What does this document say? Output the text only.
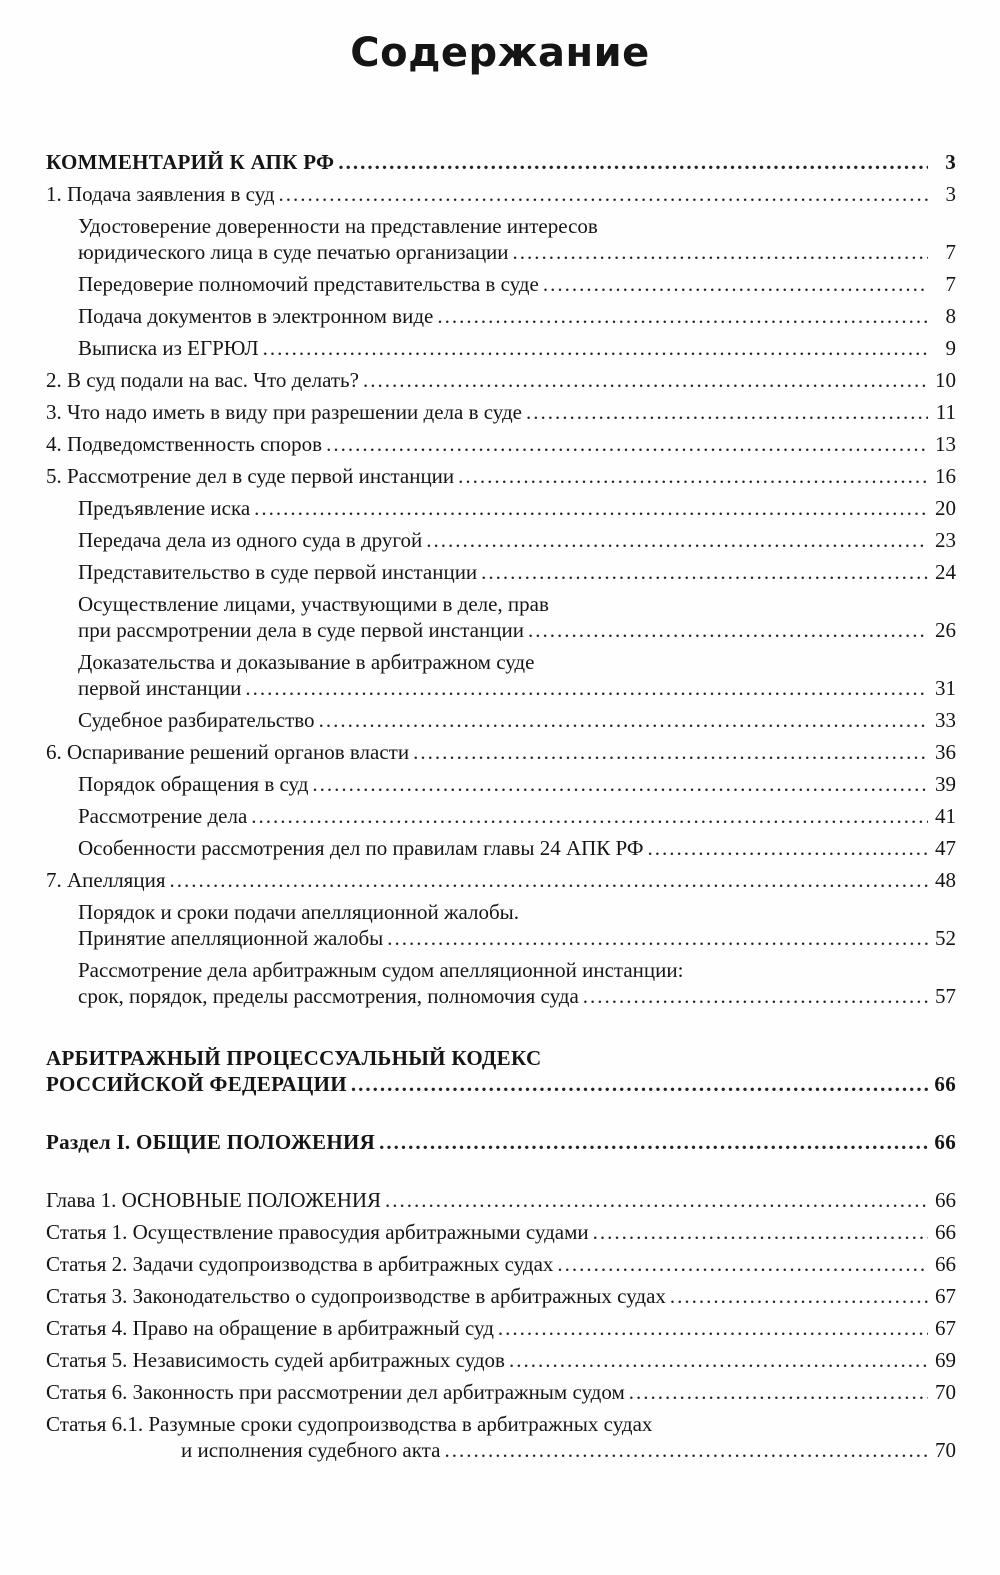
Содержание
КОММЕНТАРИЙ К АПК РФ .....	3
1. Подача заявления в суд .....	3
Удостоверение доверенности на представление интересов
юридического лица в суде печатью организации .....	7
Передоверие полномочий представительства в суде .....	7
Подача документов в электронном виде .....	8
Выписка из ЕГРЮЛ .....	9
2. В суд подали на вас. Что делать? .....	10
3. Что надо иметь в виду при разрешении дела в суде .....	11
4. Подведомственность споров .....	13
5. Рассмотрение дел в суде первой инстанции .....	16
Предъявление иска .....	20
Передача дела из одного суда в другой .....	23
Представительство в суде первой инстанции .....	24
Осуществление лицами, участвующими в деле, прав
при рассмротрении дела в суде первой инстанции .....	26
Доказательства и доказывание в арбитражном суде
первой инстанции .....	31
Судебное разбирательство .....	33
6. Оспаривание решений органов власти .....	36
Порядок обращения в суд .....	39
Рассмотрение дела .....	41
Особенности рассмотрения дел по правилам главы 24 АПК РФ .....	47
7. Апелляция .....	48
Порядок и сроки подачи апелляционной жалобы.
Принятие апелляционной жалобы .....	52
Рассмотрение дела арбитражным судом апелляционной инстанции:
срок, порядок, пределы рассмотрения, полномочия суда .....	57
АРБИТРАЖНЫЙ ПРОЦЕССУАЛЬНЫЙ КОДЕКС
РОССИЙСКОЙ ФЕДЕРАЦИИ .....	66
Раздел I. ОБЩИЕ ПОЛОЖЕНИЯ .....	66
Глава 1. ОСНОВНЫЕ ПОЛОЖЕНИЯ .....	66
Статья 1. Осуществление правосудия арбитражными судами .....	66
Статья 2. Задачи судопроизводства в арбитражных судах .....	66
Статья 3. Законодательство о судопроизводстве в арбитражных судах .....	67
Статья 4. Право на обращение в арбитражный суд .....	67
Статья 5. Независимость судей арбитражных судов .....	69
Статья 6. Законность при рассмотрении дел арбитражным судом .....	70
Статья 6.1. Разумные сроки судопроизводства в арбитражных судах
и исполнения судебного акта .....	70
